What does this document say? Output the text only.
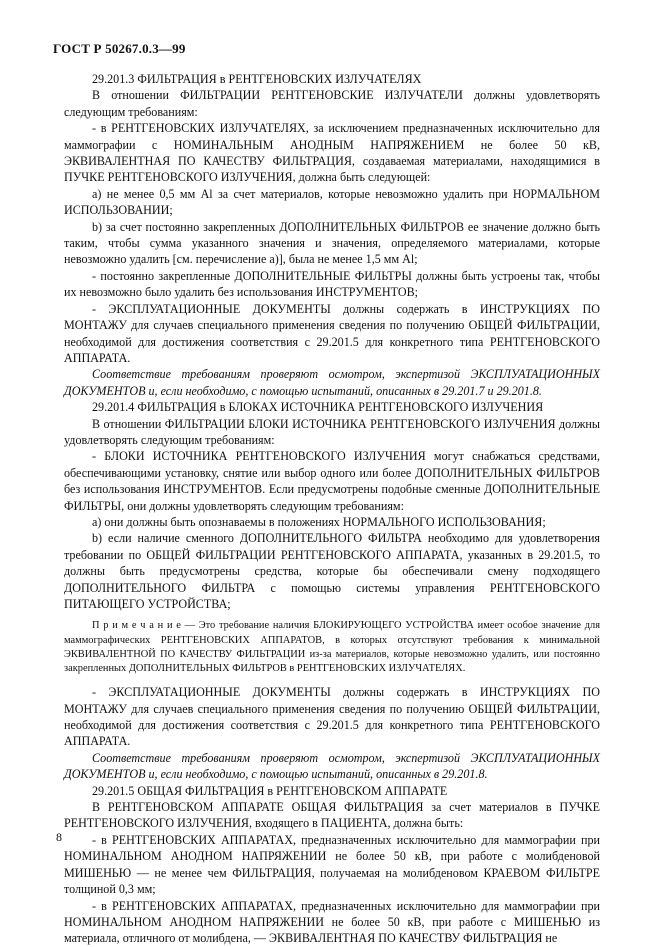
ГОСТ Р 50267.0.3—99

29.201.3 ФИЛЬТРАЦИЯ в РЕНТГЕНОВСКИХ ИЗЛУЧАТЕЛЯХ

В отношении ФИЛЬТРАЦИИ РЕНТГЕНОВСКИЕ ИЗЛУЧАТЕЛИ должны удовлетворять следующим требованиям:

- в РЕНТГЕНОВСКИХ ИЗЛУЧАТЕЛЯХ, за исключением предназначенных исключительно для маммографии с НОМИНАЛЬНЫМ АНОДНЫМ НАПРЯЖЕНИЕМ не более 50 кВ, ЭКВИВАЛЕНТНАЯ ПО КАЧЕСТВУ ФИЛЬТРАЦИЯ, создаваемая материалами, находящимися в ПУЧКЕ РЕНТГЕНОВСКОГО ИЗЛУЧЕНИЯ, должна быть следующей:

а) не менее 0,5 мм Al за счет материалов, которые невозможно удалить при НОРМАЛЬНОМ ИСПОЛЬЗОВАНИИ;

b) за счет постоянно закрепленных ДОПОЛНИТЕЛЬНЫХ ФИЛЬТРОВ ее значение должно быть таким, чтобы сумма указанного значения и значения, определяемого материалами, которые невозможно удалить [см. перечисление а)], была не менее 1,5 мм Al;

- постоянно закрепленные ДОПОЛНИТЕЛЬНЫЕ ФИЛЬТРЫ должны быть устроены так, чтобы их невозможно было удалить без использования ИНСТРУМЕНТОВ;

- ЭКСПЛУАТАЦИОННЫЕ ДОКУМЕНТЫ должны содержать в ИНСТРУКЦИЯХ ПО МОНТАЖУ для случаев специального применения сведения по получению ОБЩЕЙ ФИЛЬТРАЦИИ, необходимой для достижения соответствия с 29.201.5 для конкретного типа РЕНТГЕНОВСКОГО АППАРАТА.

Соответствие требованиям проверяют осмотром, экспертизой ЭКСПЛУАТАЦИОННЫХ ДОКУМЕНТОВ и, если необходимо, с помощью испытаний, описанных в 29.201.7 и 29.201.8.

29.201.4 ФИЛЬТРАЦИЯ в БЛОКАХ ИСТОЧНИКА РЕНТГЕНОВСКОГО ИЗЛУЧЕНИЯ

В отношении ФИЛЬТРАЦИИ БЛОКИ ИСТОЧНИКА РЕНТГЕНОВСКОГО ИЗЛУЧЕНИЯ должны удовлетворять следующим требованиям:

- БЛОКИ ИСТОЧНИКА РЕНТГЕНОВСКОГО ИЗЛУЧЕНИЯ могут снабжаться средствами, обеспечивающими установку, снятие или выбор одного или более ДОПОЛНИТЕЛЬНЫХ ФИЛЬТРОВ без использования ИНСТРУМЕНТОВ. Если предусмотрены подобные сменные ДОПОЛНИТЕЛЬНЫЕ ФИЛЬТРЫ, они должны удовлетворять следующим требованиям:

а) они должны быть опознаваемы в положениях НОРМАЛЬНОГО ИСПОЛЬЗОВАНИЯ;

b) если наличие сменного ДОПОЛНИТЕЛЬНОГО ФИЛЬТРА необходимо для удовлетворения требовании по ОБЩЕЙ ФИЛЬТРАЦИИ РЕНТГЕНОВСКОГО АППАРАТА, указанных в 29.201.5, то должны быть предусмотрены средства, которые бы обеспечивали смену подходящего ДОПОЛНИТЕЛЬНОГО ФИЛЬТРА с помощью системы управления РЕНТГЕНОВСКОГО ПИТАЮЩЕГО УСТРОЙСТВА;

П р и м е ч а н и е — Это требование наличия БЛОКИРУЮЩЕГО УСТРОЙСТВА имеет особое значение для маммографических РЕНТГЕНОВСКИХ АППАРАТОВ, в которых отсутствуют требования к минимальной ЭКВИВАЛЕНТНОЙ ПО КАЧЕСТВУ ФИЛЬТРАЦИИ из-за материалов, которые невозможно удалить, или постоянно закрепленных ДОПОЛНИТЕЛЬНЫХ ФИЛЬТРОВ в РЕНТГЕНОВСКИХ ИЗЛУЧАТЕЛЯХ.

- ЭКСПЛУАТАЦИОННЫЕ ДОКУМЕНТЫ должны содержать в ИНСТРУКЦИЯХ ПО МОНТАЖУ для случаев специального применения сведения по получению ОБЩЕЙ ФИЛЬТРАЦИИ, необходимой для достижения соответствия с 29.201.5 для конкретного типа РЕНТГЕНОВСКОГО АППАРАТА.

Соответствие требованиям проверяют осмотром, экспертизой ЭКСПЛУАТАЦИОННЫХ ДОКУМЕНТОВ и, если необходимо, с помощью испытаний, описанных в 29.201.8.

29.201.5 ОБЩАЯ ФИЛЬТРАЦИЯ в РЕНТГЕНОВСКОМ АППАРАТЕ

В РЕНТГЕНОВСКОМ АППАРАТЕ ОБЩАЯ ФИЛЬТРАЦИЯ за счет материалов в ПУЧКЕ РЕНТГЕНОВСКОГО ИЗЛУЧЕНИЯ, входящего в ПАЦИЕНТА, должна быть:

- в РЕНТГЕНОВСКИХ АППАРАТАХ, предназначенных исключительно для маммографии при НОМИНАЛЬНОМ АНОДНОМ НАПРЯЖЕНИИ не более 50 кВ, при работе с молибденовой МИШЕНЬЮ — не менее чем ФИЛЬТРАЦИЯ, получаемая на молибденовом КРАЕВОМ ФИЛЬТРЕ толщиной 0,3 мм;

- в РЕНТГЕНОВСКИХ АППАРАТАХ, предназначенных исключительно для маммографии при НОМИНАЛЬНОМ АНОДНОМ НАПРЯЖЕНИИ не более 50 кВ, при работе с МИШЕНЬЮ из материала, отличного от молибдена, — ЭКВИВАЛЕНТНАЯ ПО КАЧЕСТВУ ФИЛЬТРАЦИЯ не

8
